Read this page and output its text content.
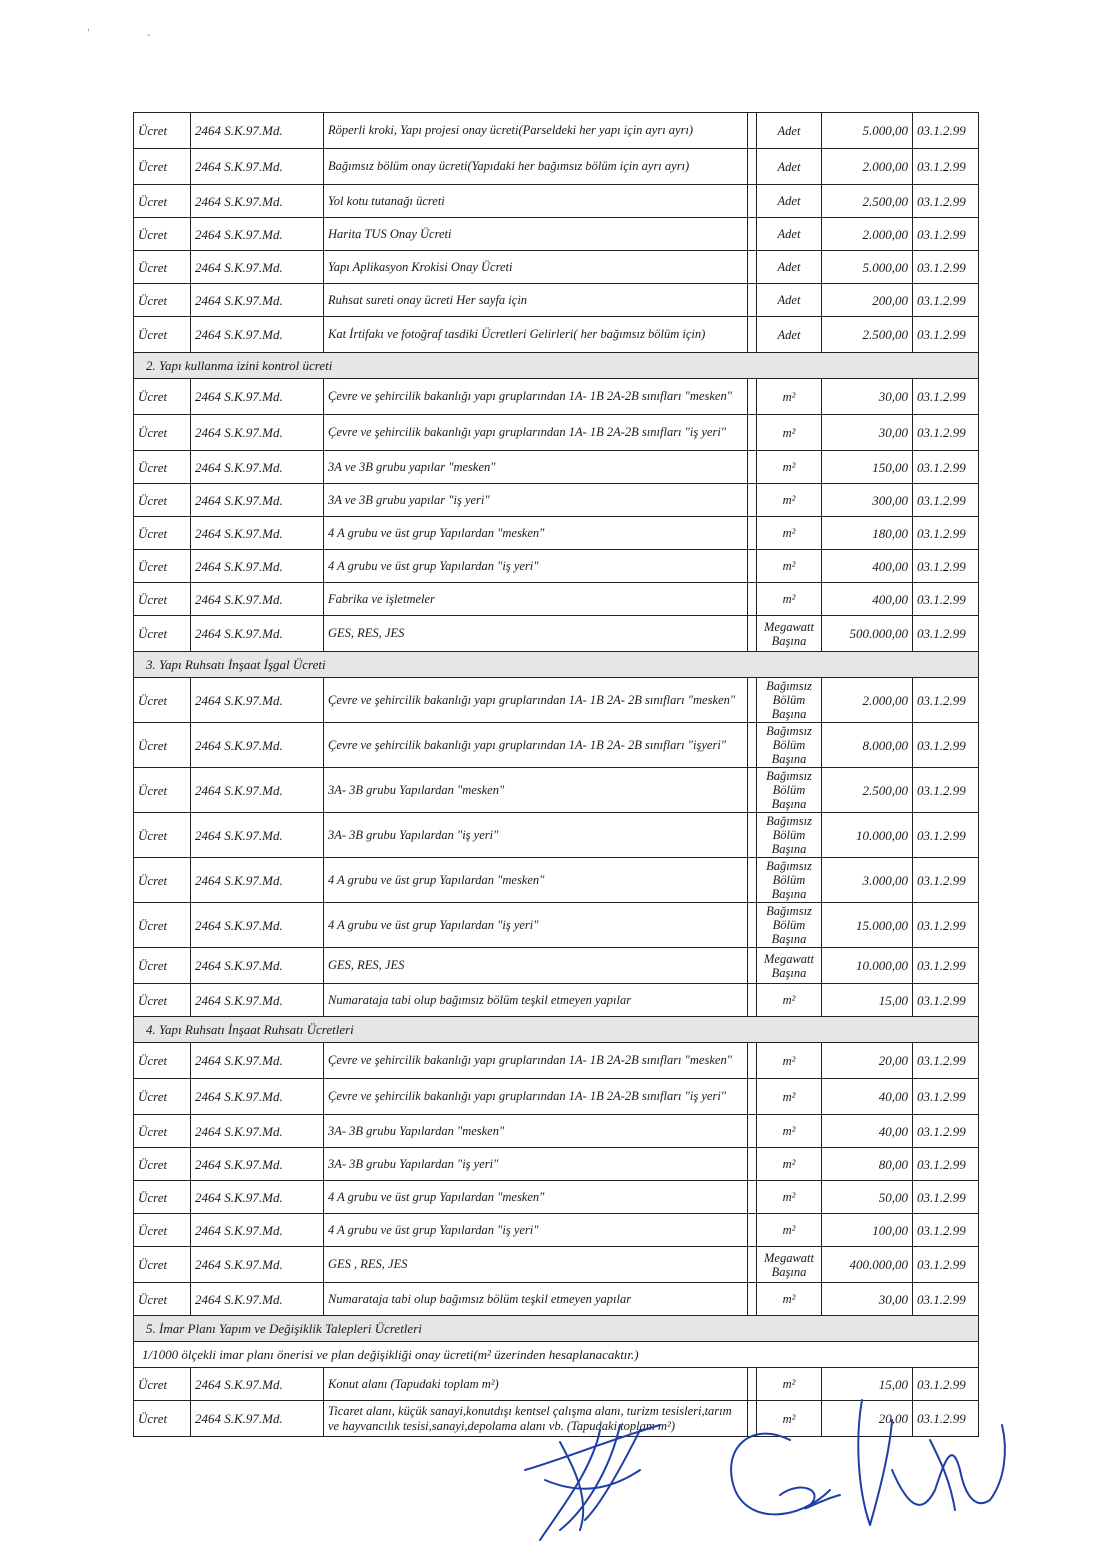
'	-
Ücret	2464 S.K.97.Md.	Röperli kroki, Yapı projesi onay ücreti(Parseldeki her yapı için ayrı ayrı)		Adet	5.000,00	03.1.2.99
Ücret	2464 S.K.97.Md.	Bağımsız bölüm onay ücreti(Yapıdaki her bağımsız bölüm için ayrı ayrı)		Adet	2.000,00	03.1.2.99
Ücret	2464 S.K.97.Md.	Yol kotu tutanağı ücreti		Adet	2.500,00	03.1.2.99
Ücret	2464 S.K.97.Md.	Harita TUS Onay Ücreti		Adet	2.000,00	03.1.2.99
Ücret	2464 S.K.97.Md.	Yapı Aplikasyon Krokisi Onay Ücreti		Adet	5.000,00	03.1.2.99
Ücret	2464 S.K.97.Md.	Ruhsat sureti onay ücreti Her sayfa için		Adet	200,00	03.1.2.99
Ücret	2464 S.K.97.Md.	Kat İrtifakı ve fotoğraf tasdiki Ücretleri Gelirleri( her bağımsız bölüm için)		Adet	2.500,00	03.1.2.99
2. Yapı kullanma izini kontrol ücreti						
Ücret	2464 S.K.97.Md.	Çevre ve şehircilik bakanlığı yapı gruplarından 1A- 1B 2A-2B sınıfları "mesken"		m²	30,00	03.1.2.99
Ücret	2464 S.K.97.Md.	Çevre ve şehircilik bakanlığı yapı gruplarından 1A- 1B 2A-2B sınıfları "iş yeri"		m²	30,00	03.1.2.99
Ücret	2464 S.K.97.Md.	3A ve 3B grubu yapılar "mesken"		m²	150,00	03.1.2.99
Ücret	2464 S.K.97.Md.	3A ve 3B grubu yapılar "iş yeri"		m²	300,00	03.1.2.99
Ücret	2464 S.K.97.Md.	4 A grubu ve üst grup Yapılardan "mesken"		m²	180,00	03.1.2.99
Ücret	2464 S.K.97.Md.	4 A grubu ve üst grup Yapılardan "iş yeri"		m²	400,00	03.1.2.99
Ücret	2464 S.K.97.Md.	Fabrika ve işletmeler		m²	400,00	03.1.2.99
Ücret	2464 S.K.97.Md.	GES, RES, JES		Megawatt Başına	500.000,00	03.1.2.99
3. Yapı Ruhsatı İnşaat İşgal Ücreti						
Ücret	2464 S.K.97.Md.	Çevre ve şehircilik bakanlığı yapı gruplarından 1A- 1B 2A- 2B sınıfları "mesken"		Bağımsız Bölüm Başına	2.000,00	03.1.2.99
Ücret	2464 S.K.97.Md.	Çevre ve şehircilik bakanlığı yapı gruplarından 1A- 1B 2A- 2B sınıfları "işyeri"		Bağımsız Bölüm Başına	8.000,00	03.1.2.99
Ücret	2464 S.K.97.Md.	3A- 3B grubu Yapılardan "mesken"		Bağımsız Bölüm Başına	2.500,00	03.1.2.99
Ücret	2464 S.K.97.Md.	3A- 3B grubu Yapılardan "iş yeri"		Bağımsız Bölüm Başına	10.000,00	03.1.2.99
Ücret	2464 S.K.97.Md.	4 A grubu ve üst grup Yapılardan "mesken"		Bağımsız Bölüm Başına	3.000,00	03.1.2.99
Ücret	2464 S.K.97.Md.	4 A grubu ve üst grup Yapılardan "iş yeri"		Bağımsız Bölüm Başına	15.000,00	03.1.2.99
Ücret	2464 S.K.97.Md.	GES, RES, JES		Megawatt Başına	10.000,00	03.1.2.99
Ücret	2464 S.K.97.Md.	Numarataja tabi olup bağımsız bölüm teşkil etmeyen yapılar		m²	15,00	03.1.2.99
4. Yapı Ruhsatı İnşaat Ruhsatı Ücretleri						
Ücret	2464 S.K.97.Md.	Çevre ve şehircilik bakanlığı yapı gruplarından 1A- 1B 2A-2B sınıfları "mesken"		m²	20,00	03.1.2.99
Ücret	2464 S.K.97.Md.	Çevre ve şehircilik bakanlığı yapı gruplarından 1A- 1B 2A-2B sınıfları "iş yeri"		m²	40,00	03.1.2.99
Ücret	2464 S.K.97.Md.	3A- 3B grubu Yapılardan "mesken"		m²	40,00	03.1.2.99
Ücret	2464 S.K.97.Md.	3A- 3B grubu Yapılardan "iş yeri"		m²	80,00	03.1.2.99
Ücret	2464 S.K.97.Md.	4 A grubu ve üst grup Yapılardan "mesken"		m²	50,00	03.1.2.99
Ücret	2464 S.K.97.Md.	4 A grubu ve üst grup Yapılardan "iş yeri"		m²	100,00	03.1.2.99
Ücret	2464 S.K.97.Md.	GES , RES, JES		Megawatt Başına	400.000,00	03.1.2.99
Ücret	2464 S.K.97.Md.	Numarataja tabi olup bağımsız bölüm teşkil etmeyen yapılar		m²	30,00	03.1.2.99
5. İmar Planı Yapım ve Değişiklik Talepleri Ücretleri						
1/1000 ölçekli imar planı önerisi ve plan değişikliği onay ücreti(m² üzerinden hesaplanacaktır.)						
Ücret	2464 S.K.97.Md.	Konut alanı (Tapudaki toplam m²)		m²	15,00	03.1.2.99
Ücret	2464 S.K.97.Md.	Ticaret alanı, küçük sanayi,konutdışı kentsel çalışma alanı, turizm tesisleri,tarım ve hayvancılık tesisi,sanayi,depolama alanı vb. (Tapudaki toplam m²)		m²	20,00	03.1.2.99
